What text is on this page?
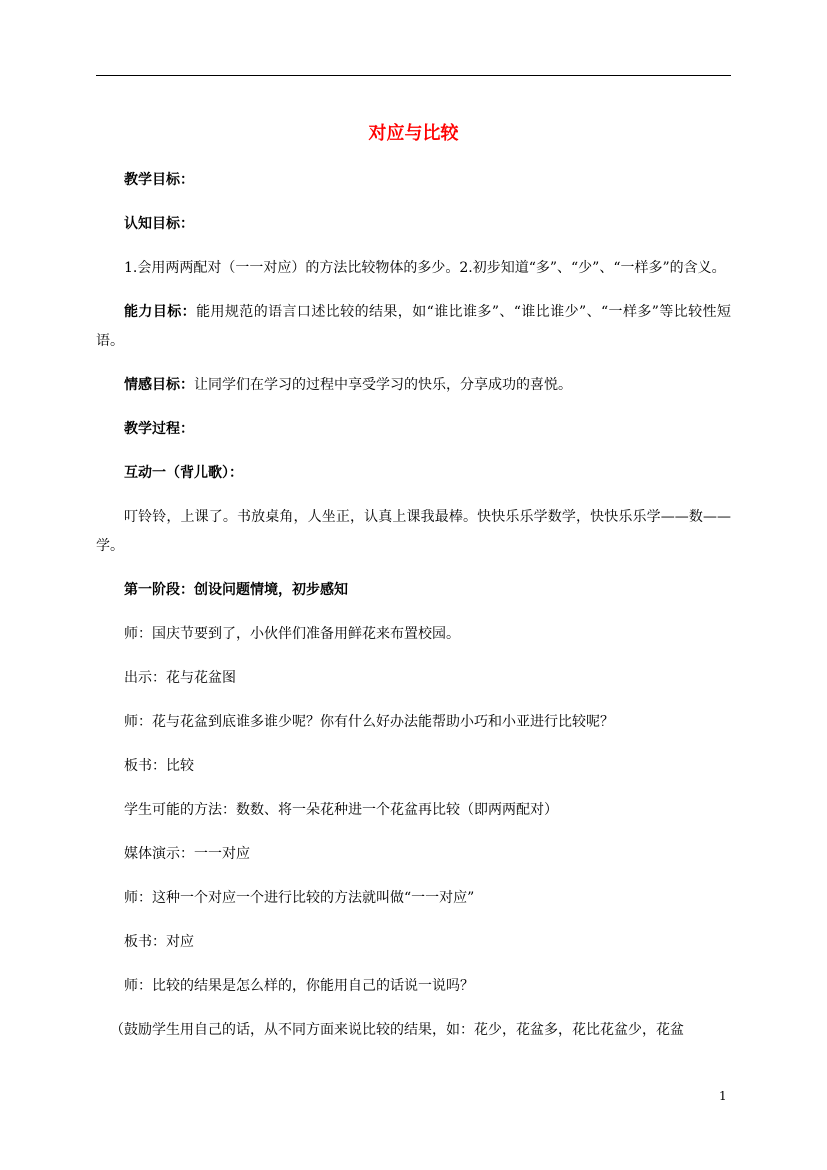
对应与比较

教学目标：

认知目标：

1.会用两两配对（一一对应）的方法比较物体的多少。2.初步知道“多”、“少”、“一样多”的含义。

能力目标：能用规范的语言口述比较的结果，如“谁比谁多”、“谁比谁少”、“一样多”等比较性短语。

情感目标：让同学们在学习的过程中享受学习的快乐，分享成功的喜悦。

教学过程：

互动一（背儿歌）：

叮铃铃，上课了。书放桌角，人坐正，认真上课我最棒。快快乐乐学数学，快快乐乐学——数——学。

第一阶段：创设问题情境，初步感知

师：国庆节要到了，小伙伴们准备用鲜花来布置校园。

出示：花与花盆图

师：花与花盆到底谁多谁少呢？你有什么好办法能帮助小巧和小亚进行比较呢？

板书：比较

学生可能的方法：数数、将一朵花种进一个花盆再比较（即两两配对）

媒体演示：一一对应

师：这种一个对应一个进行比较的方法就叫做“一一对应”

板书：对应

师：比较的结果是怎么样的，你能用自己的话说一说吗？

（鼓励学生用自己的话，从不同方面来说比较的结果，如：花少，花盆多，花比花盆少，花盆

1
